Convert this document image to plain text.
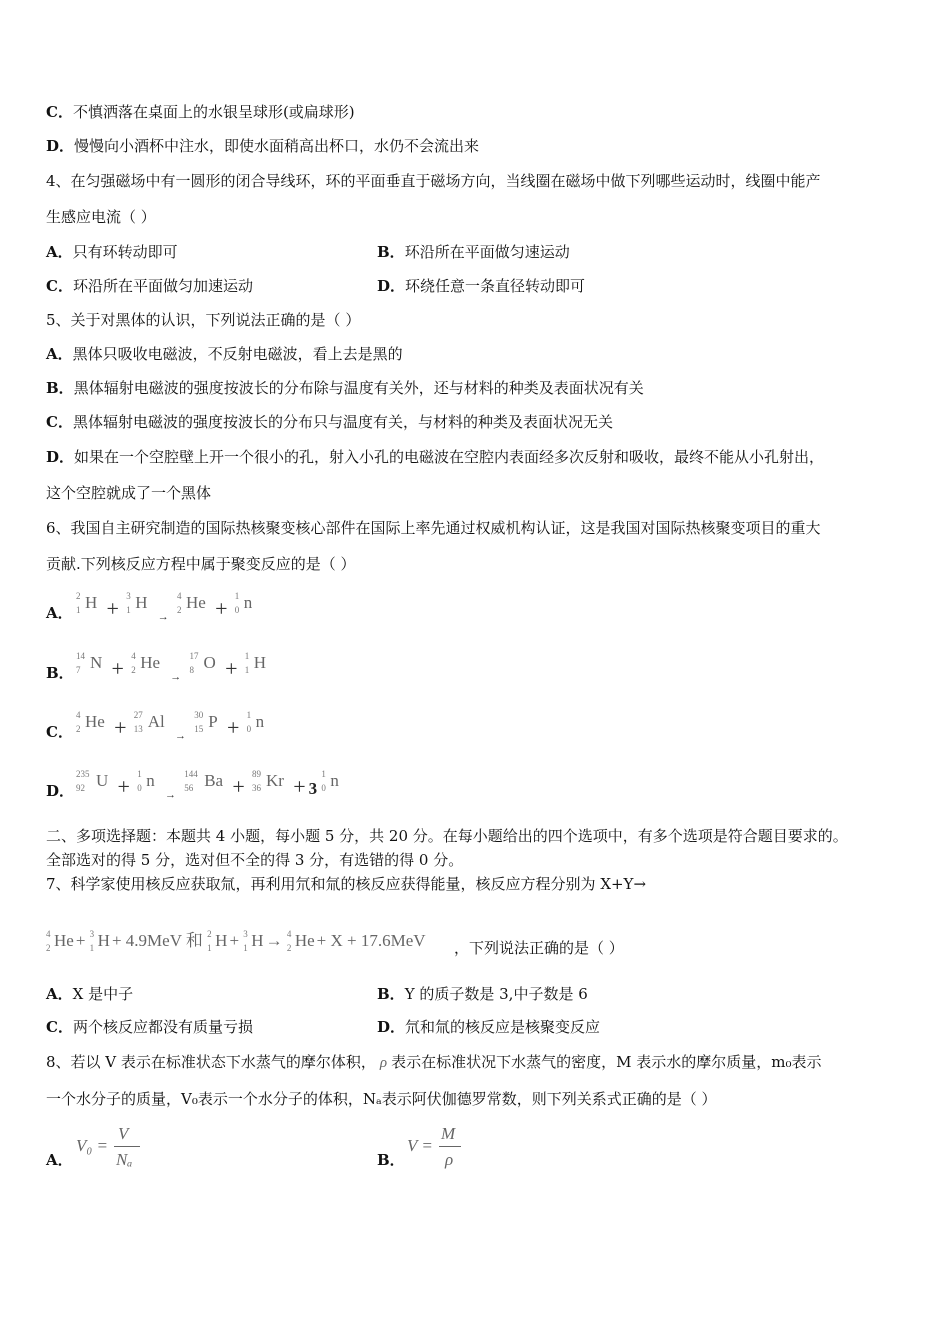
C．不慎洒落在桌面上的水银呈球形(或扁球形)
D．慢慢向小酒杯中注水，即使水面稍高出杯口，水仍不会流出来
4、在匀强磁场中有一圆形的闭合导线环，环的平面垂直于磁场方向，当线圈在磁场中做下列哪些运动时，线圈中能产
生感应电流（ ）
A．只有环转动即可	B．环沿所在平面做匀速运动
C．环沿所在平面做匀加速运动	D．环绕任意一条直径转动即可
5、关于对黑体的认识，下列说法正确的是（ ）
A．黑体只吸收电磁波，不反射电磁波，看上去是黑的
B．黑体辐射电磁波的强度按波长的分布除与温度有关外，还与材料的种类及表面状况有关
C．黑体辐射电磁波的强度按波长的分布只与温度有关，与材料的种类及表面状况无关
D．如果在一个空腔壁上开一个很小的孔，射入小孔的电磁波在空腔内表面经多次反射和吸收，最终不能从小孔射出，
这个空腔就成了一个黑体
6、我国自主研究制造的国际热核聚变核心部件在国际上率先通过权威机构认证，这是我国对国际热核聚变项目的重大
贡献.下列核反应方程中属于聚变反应的是（ ）
A．
2
1 H + 3
1 H $_\to$
4
2 He + 1
0 n
B．
14
7 N + 4
2 He $_\to$
17
8 O + 1
1 H
C．
4
2 He + 27
13 Al $_\to$
30
15 P + 1
0 n
D．
235
92 U + 1
0 n $_\to$
144
56 Ba + 89
36 Kr + 3
1
0 n
二、多项选择题：本题共 4 小题，每小题 5 分，共 20 分。在每小题给出的四个选项中，有多个选项是符合题目要求的。
全部选对的得 5 分，选对但不全的得 3 分，有选错的得 0 分。
7、科学家使用核反应获取氚，再利用氘和氚的核反应获得能量，核反应方程分别为 X+Y→
4
2 He + 3
1 H + 4.9MeV 和 2
1 H + 3
1 H → 4
2 He + X + 17.6MeV ，下列说法正确的是（ ）
A．X 是中子	B．Y 的质子数是 3,中子数是 6
C．两个核反应都没有质量亏损	D．氘和氚的核反应是核聚变反应
8、若以 V 表示在标准状态下水蒸气的摩尔体积， ρ 表示在标准状况下水蒸气的密度，M 表示水的摩尔质量，m₀表示
一个水分子的质量，V₀表示一个水分子的体积，Nₐ表示阿伏伽德罗常数，则下列关系式正确的是（ ）
A．
V₀ =
V
Nₐ	B．
V =
M
ρ
